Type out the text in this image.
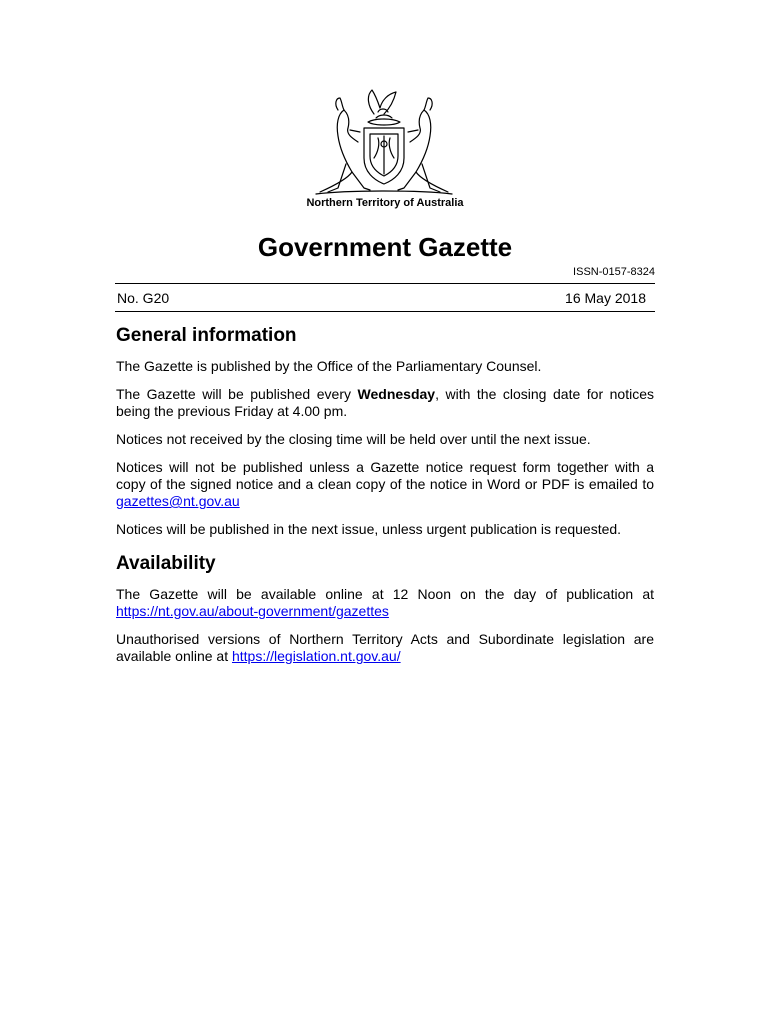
Northern Territory of Australia
Government Gazette
ISSN-0157-8324
No. G20	16 May 2018
General information

The Gazette is published by the Office of the Parliamentary Counsel.

The Gazette will be published every Wednesday, with the closing date for notices being the previous Friday at 4.00 pm.

Notices not received by the closing time will be held over until the next issue.

Notices will not be published unless a Gazette notice request form together with a copy of the signed notice and a clean copy of the notice in Word or PDF is emailed to gazettes@nt.gov.au

Notices will be published in the next issue, unless urgent publication is requested.

Availability

The Gazette will be available online at 12 Noon on the day of publication at https://nt.gov.au/about-government/gazettes

Unauthorised versions of Northern Territory Acts and Subordinate legislation are available online at https://legislation.nt.gov.au/
